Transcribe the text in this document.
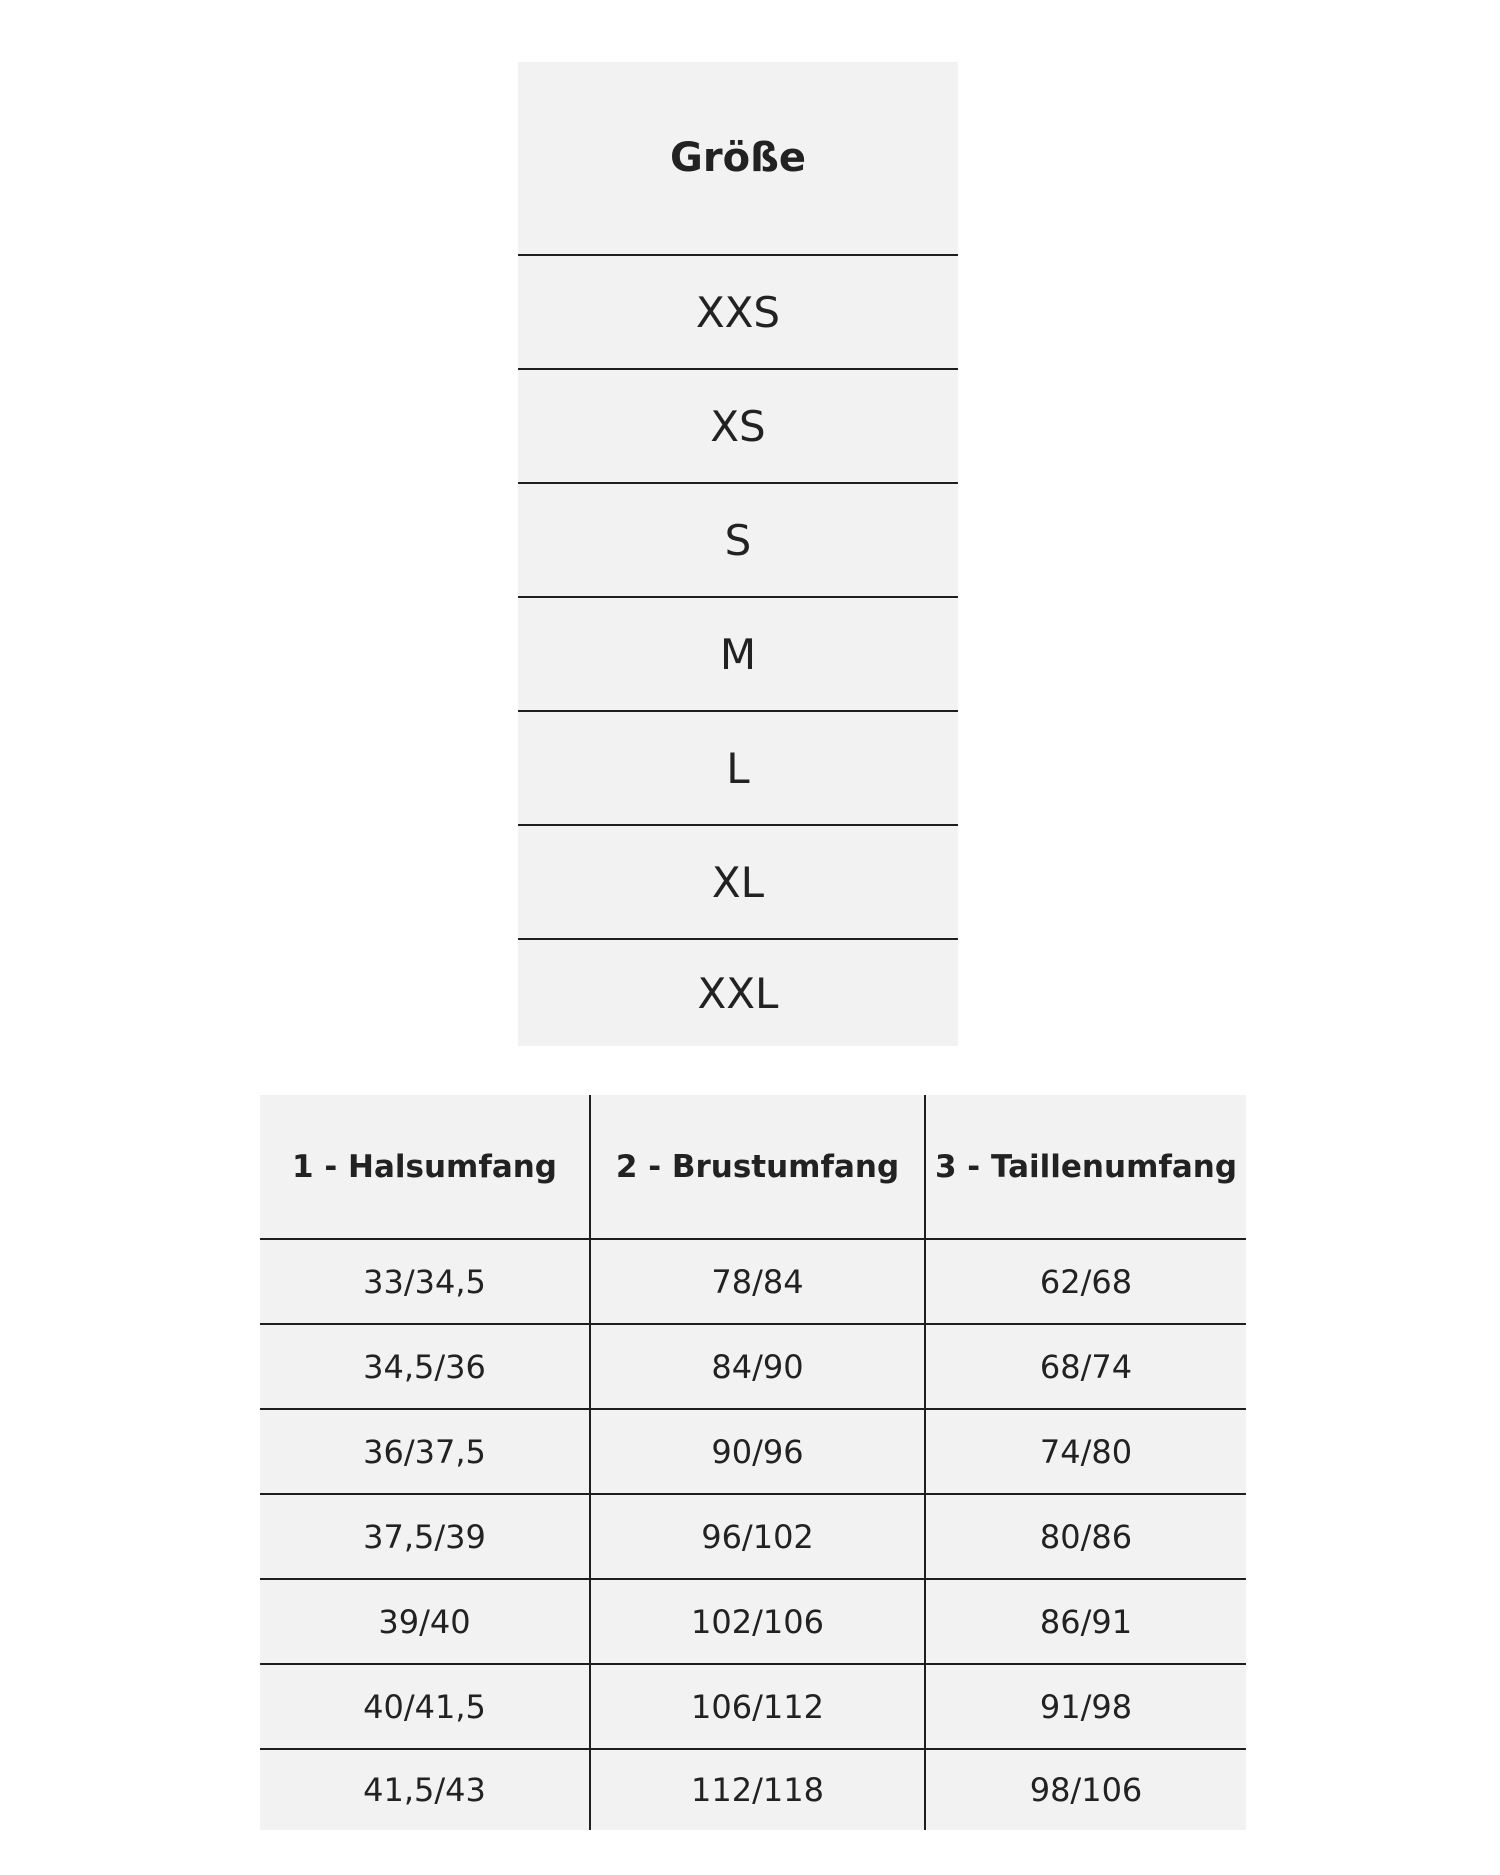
Größe
XXS
XS
S
M
L
XL
XXL
1 - Halsumfang	2 - Brustumfang	3 - Taillenumfang
33/34,5	78/84	62/68
34,5/36	84/90	68/74
36/37,5	90/96	74/80
37,5/39	96/102	80/86
39/40	102/106	86/91
40/41,5	106/112	91/98
41,5/43	112/118	98/106
